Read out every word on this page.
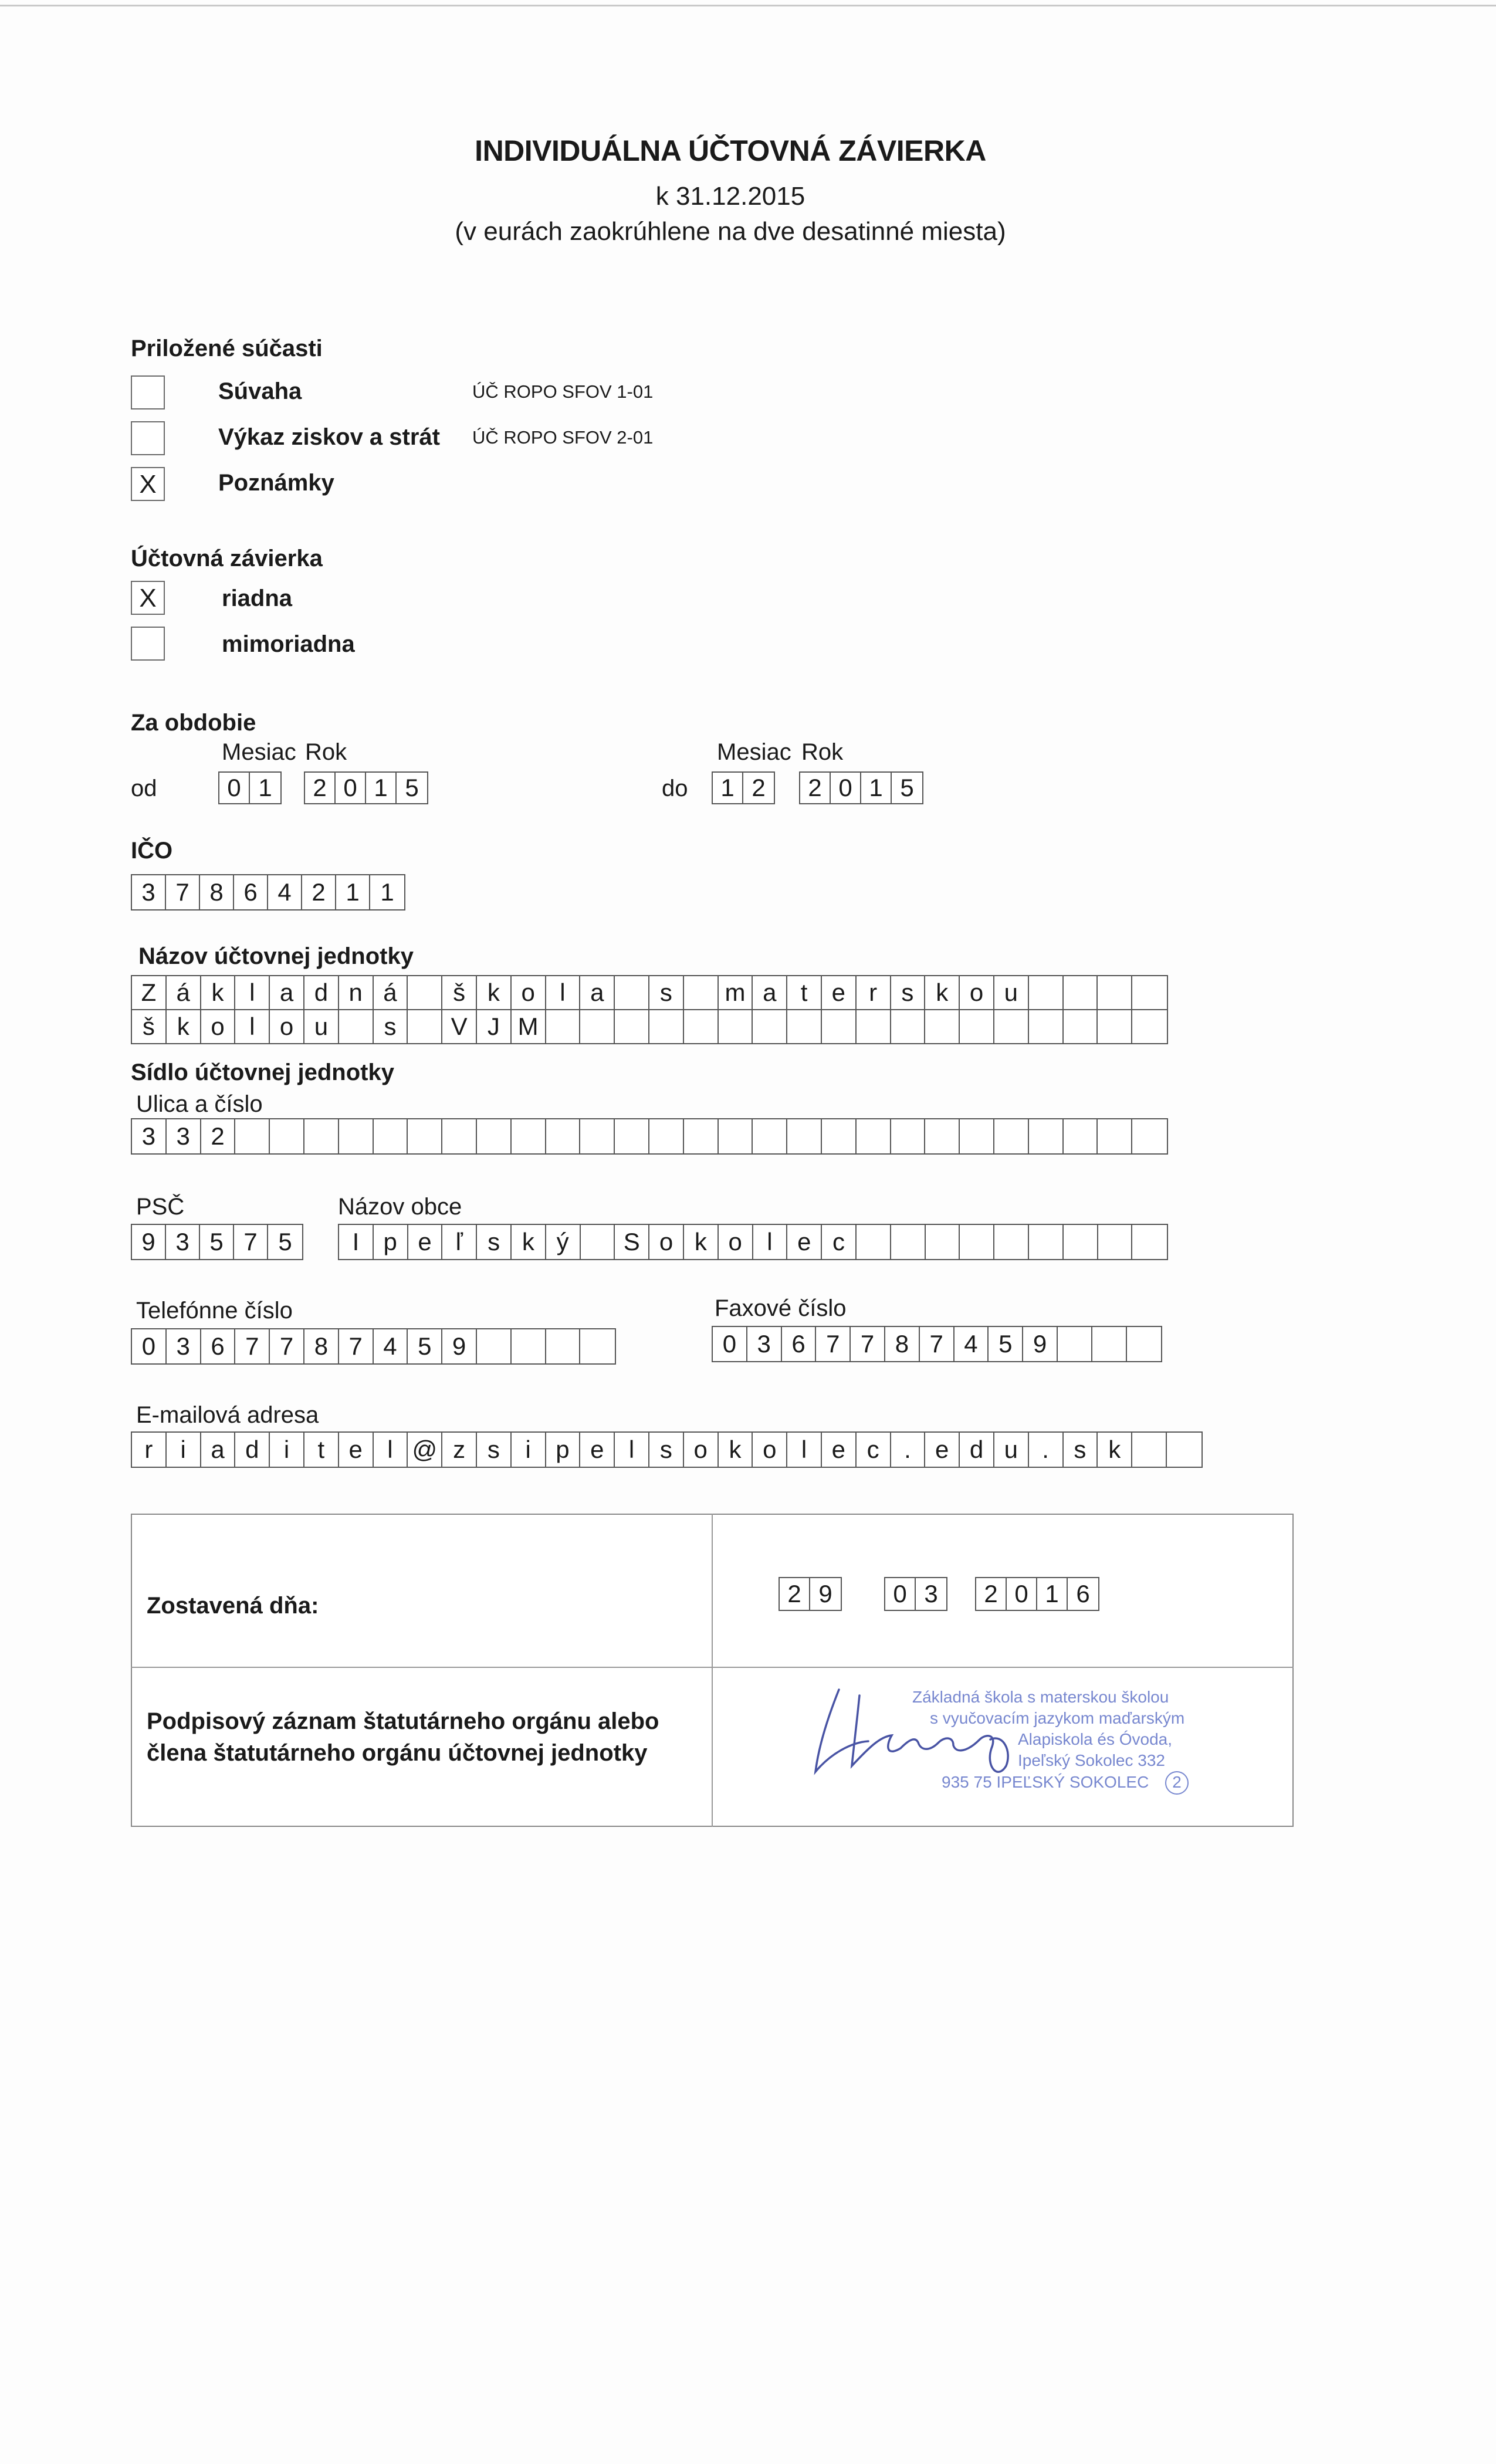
INDIVIDUÁLNA ÚČTOVNÁ ZÁVIERKA
k 31.12.2015
(v eurách zaokrúhlene na dve desatinné miesta)
Priložené súčasti
Súvaha	ÚČ ROPO SFOV 1-01
Výkaz ziskov a strát ÚČ ROPO SFOV 2-01
X	Poznámky
Účtovná závierka
X	riadna
mimoriadna
Za obdobie
Mesiac Rok	Mesiac Rok
od	do
0 1	2 0 1 5	1 2	2 0 1 5
IČO
3 7 8 6 4 2 1 1
Názov účtovnej jednotky
Z á k	l	a d n á	š k o	l	a	s	m a t e r s k o u
š k o	l	o u	s	V J M
Sídlo účtovnej jednotky
Ulica a číslo
3 3 2
PSČ	Názov obce
9 3 5 7 5	I p e ľ	s k ý	S o k o	l	e c
Telefónne číslo	Faxové číslo
0 3 6 7 7 8 7 4 5 9	0 3 6 7 7 8 7 4 5 9
E-mailová adresa
r	i	a d	i	t e	l @ z s	i	p e	l	s o k o	l	e c	. e d u .	s k
Zostavená dňa:	2 9	0 3	2 0 1 6
Podpisový záznam štatutárneho orgánu alebo
člena štatutárneho orgánu účtovnej jednotky
Základná škola s materskou školou
s vyučovacím jazykom maďarským
Alapiskola és Óvoda,
Ipeľský Sokolec 332
935 75 IPEĽSKÝ SOKOLEC 2
